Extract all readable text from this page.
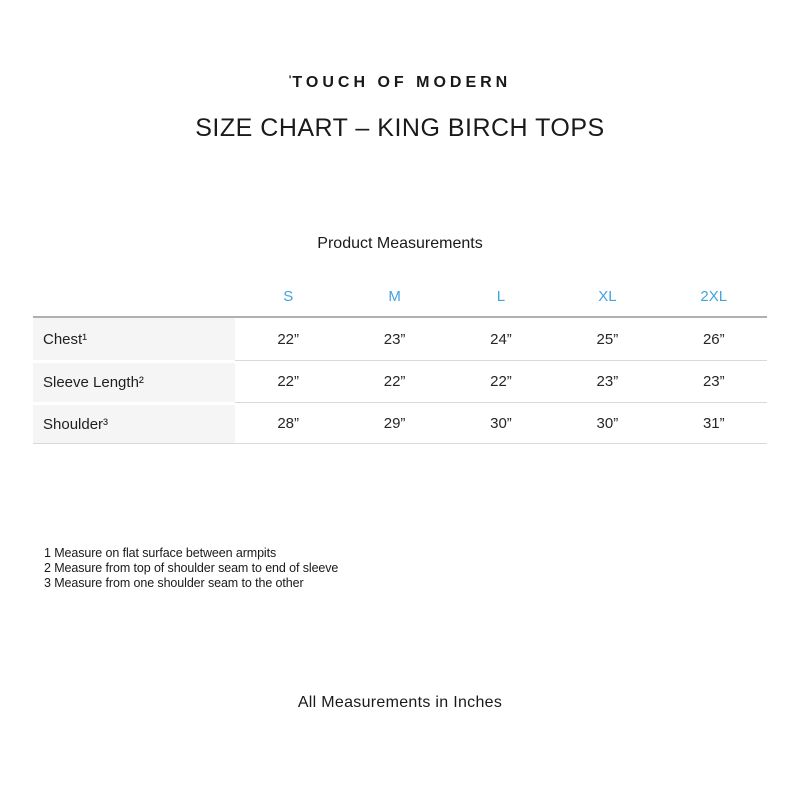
'TOUCH OF MODERN
SIZE CHART – KING BIRCH TOPS
Product Measurements
	S	M	L	XL	2XL
Chest¹	22”	23”	24”	25”	26”
Sleeve Length²	22”	22”	22”	23”	23”
Shoulder³	28”	29”	30”	30”	31”
1 Measure on flat surface between armpits
2 Measure from top of shoulder seam to end of sleeve
3 Measure from one shoulder seam to the other
All Measurements in Inches
